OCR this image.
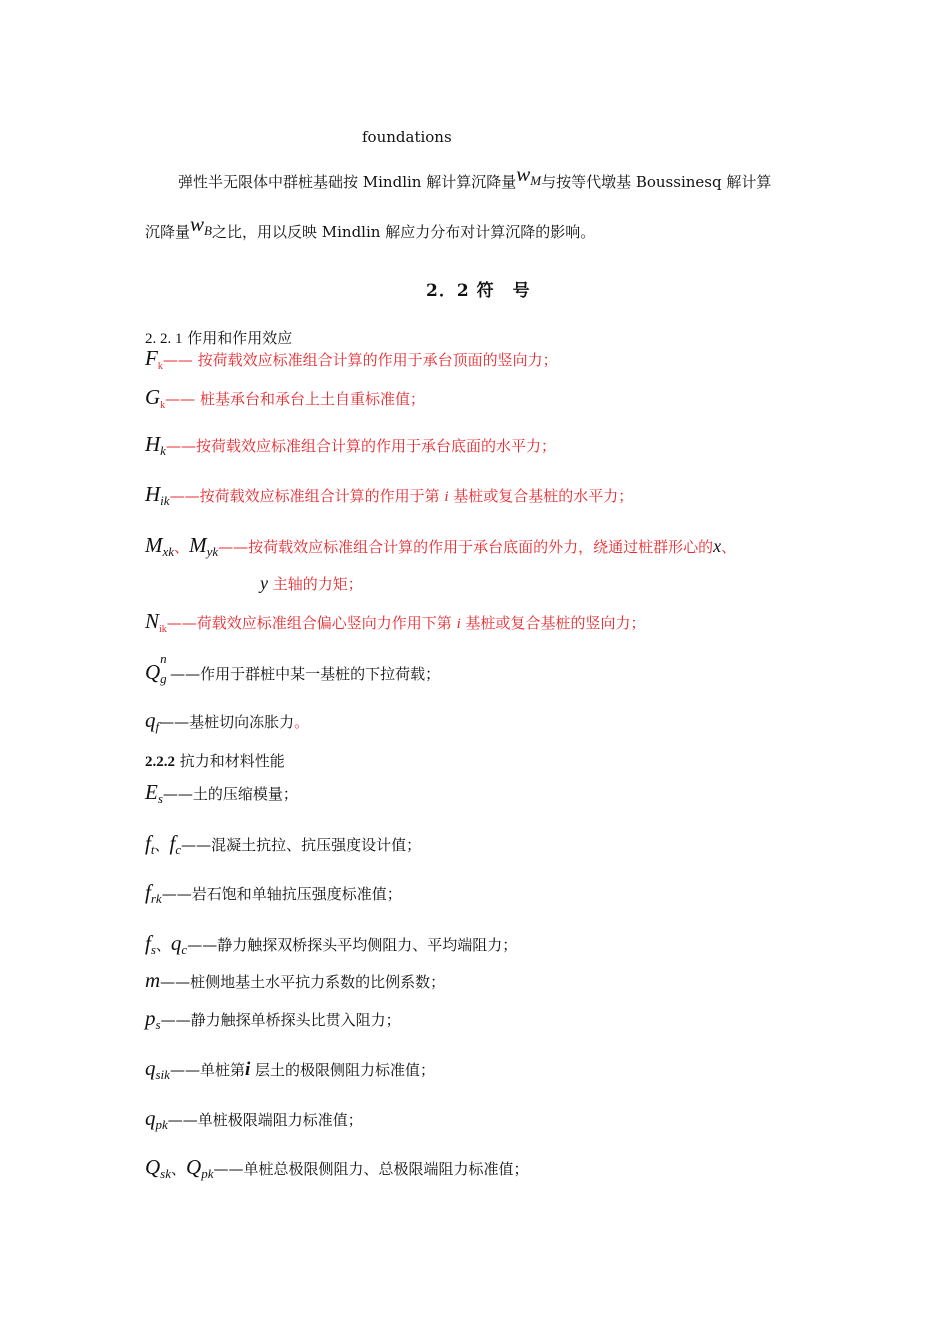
foundations
弹性半无限体中群桩基础按 Mindlin 解计算沉降量wM与按等代墩基 Boussinesq 解计算
沉降量wB之比，用以反映 Mindlin 解应力分布对计算沉降的影响。
2．2 符　号
2. 2. 1 作用和作用效应
$F_k——$ 按荷载效应标准组合计算的作用于承台顶面的竖向力；
$G_k——$ 桩基承台和承台上土自重标准值；
Hk——按荷载效应标准组合计算的作用于承台底面的水平力；
Hik——按荷载效应标准组合计算的作用于第 i 基桩或复合基桩的水平力；
Mxk、Myk——按荷载效应标准组合计算的作用于承台底面的外力，绕通过桩群形心的x、
y 主轴的力矩；
$N_{ik}——$荷载效应标准组合偏心竖向力作用下第 i 基桩或复合基桩的竖向力；
Q
n
g ——作用于群桩中某一基桩的下拉荷载；
qf——基桩切向冻胀力。
2.2.2 抗力和材料性能
Es——土的压缩模量；
ft、fc——混凝土抗拉、抗压强度设计值；
frk——岩石饱和单轴抗压强度标准值；
fs、qc——静力触探双桥探头平均侧阻力、平均端阻力；
m——桩侧地基土水平抗力系数的比例系数；
ps——静力触探单桥探头比贯入阻力；
qsik——单桩第i 层土的极限侧阻力标准值；
qpk——单桩极限端阻力标准值；
Qsk、Qpk——单桩总极限侧阻力、总极限端阻力标准值；
